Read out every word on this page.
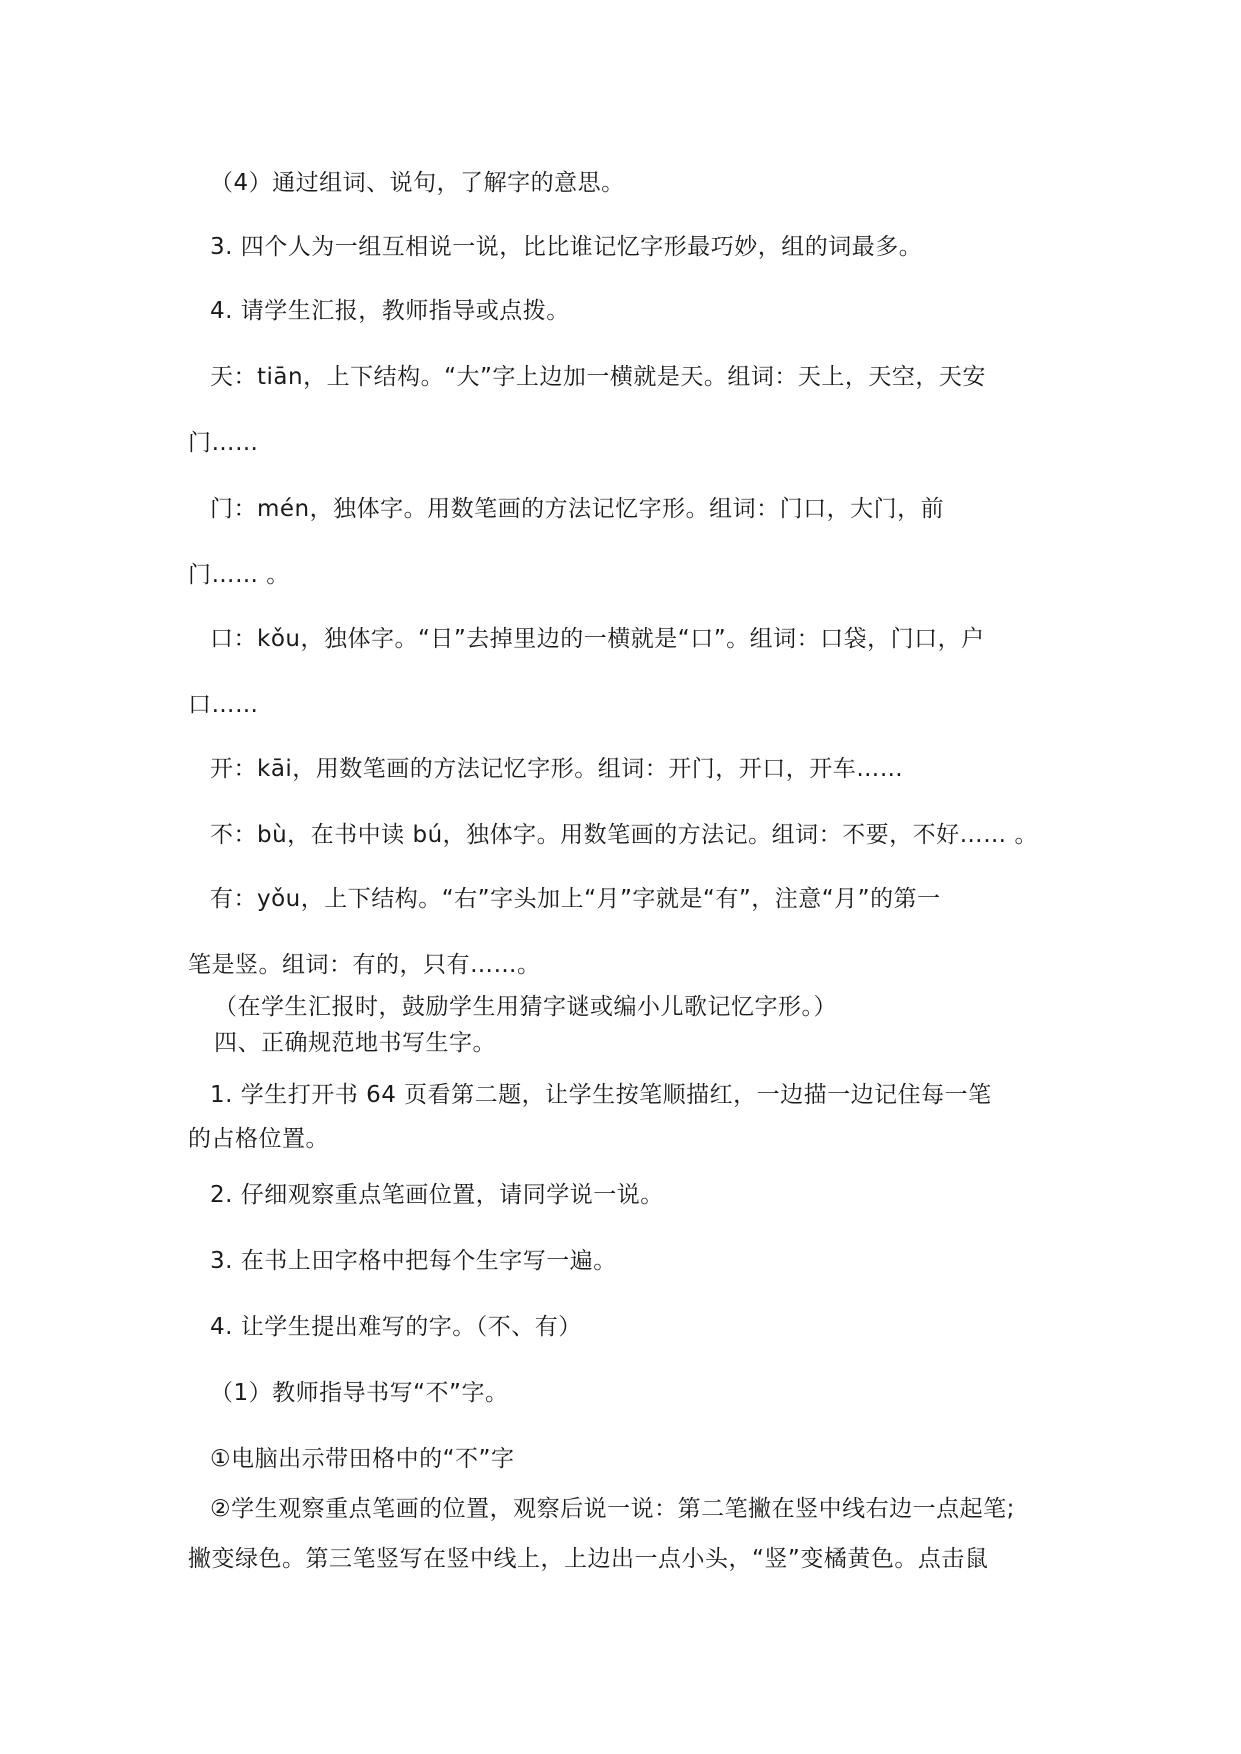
（4）通过组词、说句，了解字的意思。
3. 四个人为一组互相说一说，比比谁记忆字形最巧妙，组的词最多。
4. 请学生汇报，教师指导或点拨。
天：tiān，上下结构。“大”字上边加一横就是天。组词：天上，天空，天安
门……
门：mén，独体字。用数笔画的方法记忆字形。组词：门口，大门，前
门…… 。
口：kǒu，独体字。“日”去掉里边的一横就是“口”。组词：口袋，门口，户
口……
开：kāi，用数笔画的方法记忆字形。组词：开门，开口，开车……
不：bù，在书中读 bú，独体字。用数笔画的方法记。组词：不要，不好…… 。
有：yǒu，上下结构。“右”字头加上“月”字就是“有”，注意“月”的第一
笔是竖。组词：有的，只有……。
（在学生汇报时，鼓励学生用猜字谜或编小儿歌记忆字形。）
四、正确规范地书写生字。
1. 学生打开书 64 页看第二题，让学生按笔顺描红，一边描一边记住每一笔
的占格位置。
2. 仔细观察重点笔画位置，请同学说一说。
3. 在书上田字格中把每个生字写一遍。
4. 让学生提出难写的字。（不、有）
（1）教师指导书写“不”字。
①电脑出示带田格中的“不”字
②学生观察重点笔画的位置，观察后说一说：第二笔撇在竖中线右边一点起笔;
撇变绿色。第三笔竖写在竖中线上，上边出一点小头，“竖”变橘黄色。点击鼠
